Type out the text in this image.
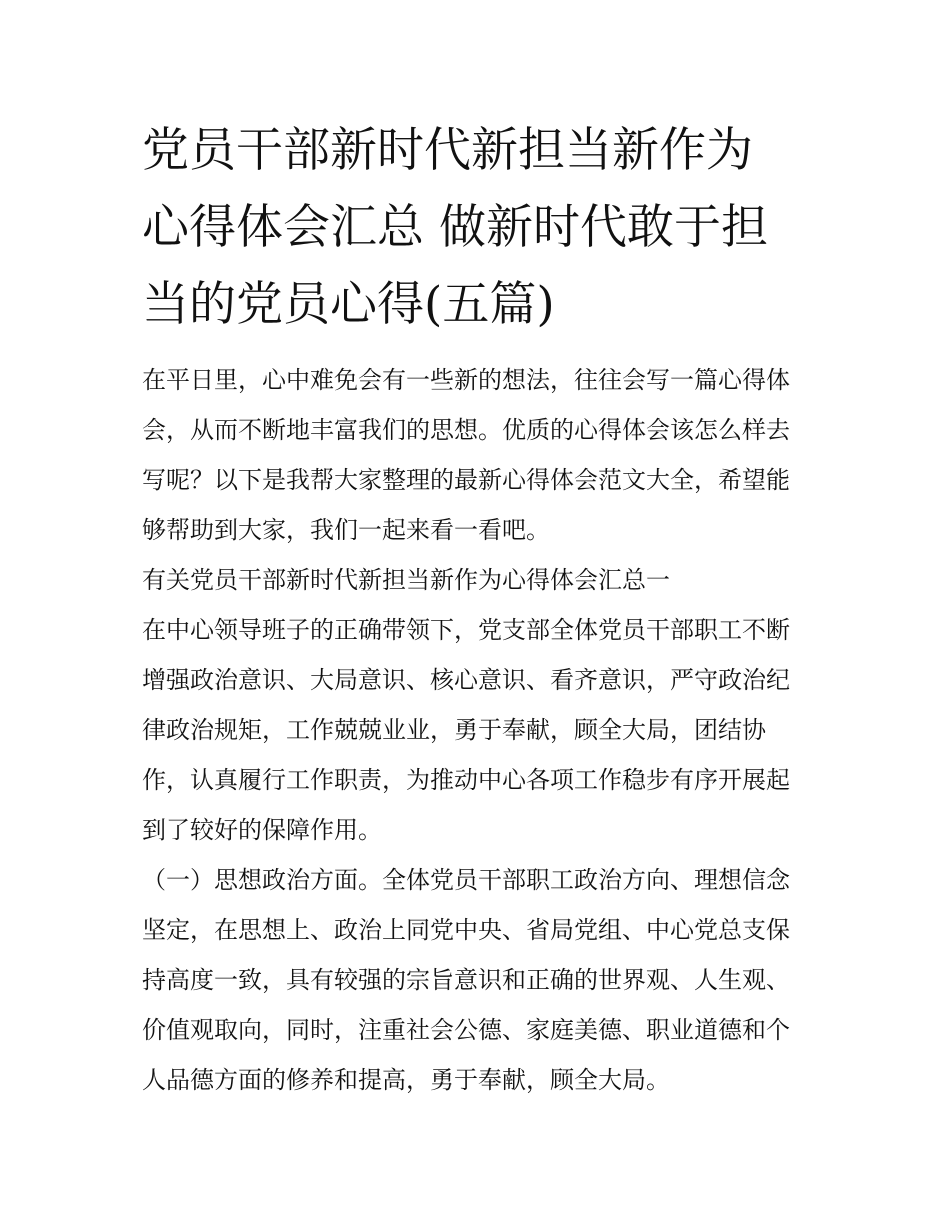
党员干部新时代新担当新作为
心得体会汇总 做新时代敢于担
当的党员心得(五篇)

在平日里，心中难免会有一些新的想法，往往会写一篇心得体
会，从而不断地丰富我们的思想。优质的心得体会该怎么样去
写呢？以下是我帮大家整理的最新心得体会范文大全，希望能
够帮助到大家，我们一起来看一看吧。

有关党员干部新时代新担当新作为心得体会汇总一

在中心领导班子的正确带领下，党支部全体党员干部职工不断
增强政治意识、大局意识、核心意识、看齐意识，严守政治纪
律政治规矩，工作兢兢业业，勇于奉献，顾全大局，团结协
作，认真履行工作职责，为推动中心各项工作稳步有序开展起
到了较好的保障作用。

（一）思想政治方面。全体党员干部职工政治方向、理想信念
坚定，在思想上、政治上同党中央、省局党组、中心党总支保
持高度一致，具有较强的宗旨意识和正确的世界观、人生观、
价值观取向，同时，注重社会公德、家庭美德、职业道德和个
人品德方面的修养和提高，勇于奉献，顾全大局。
